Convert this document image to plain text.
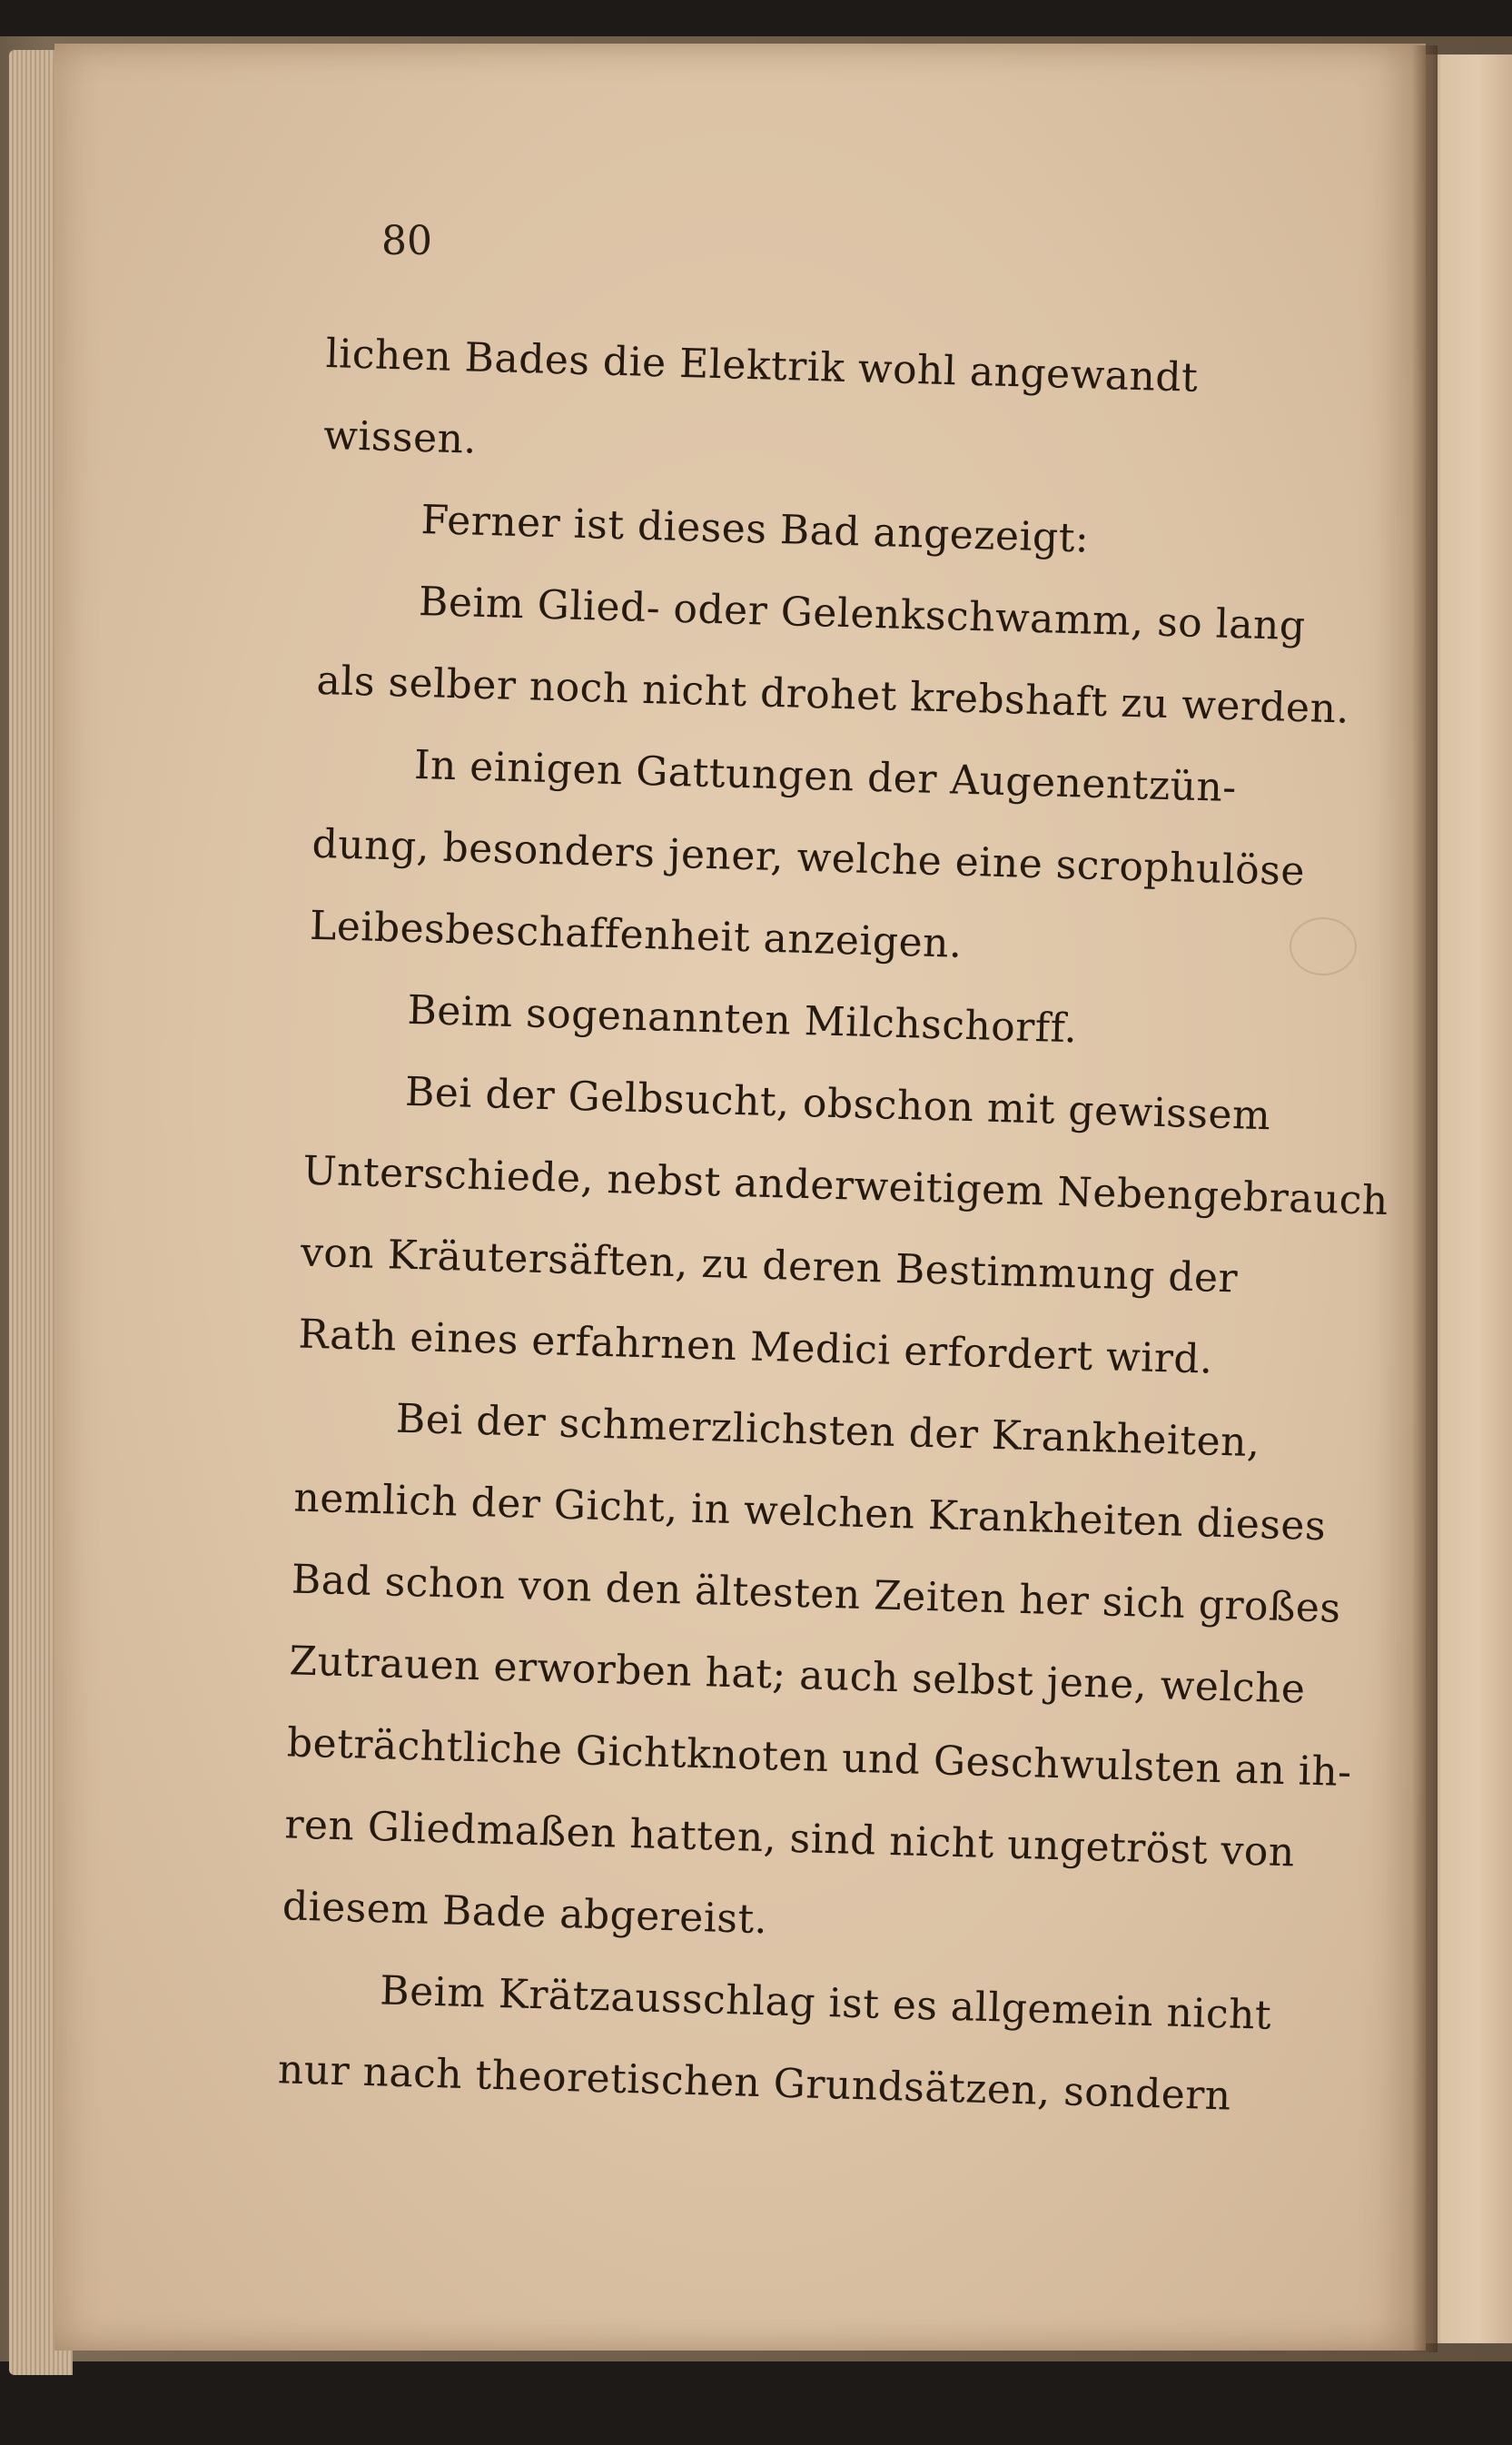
80
lichen Bades die Elektrik wohl angewandt
wissen.
Ferner ist dieses Bad angezeigt:
Beim Glied- oder Gelenkschwamm, so lang
als selber noch nicht drohet krebshaft zu werden.
In einigen Gattungen der Augenentzün-
dung, besonders jener, welche eine scrophulöse
Leibesbeschaffenheit anzeigen.
Beim sogenannten Milchschorff.
Bei der Gelbsucht, obschon mit gewissem
Unterschiede, nebst anderweitigem Nebengebrauch
von Kräutersäften, zu deren Bestimmung der
Rath eines erfahrnen Medici erfordert wird.
Bei der schmerzlichsten der Krankheiten,
nemlich der Gicht, in welchen Krankheiten dieses
Bad schon von den ältesten Zeiten her sich großes
Zutrauen erworben hat; auch selbst jene, welche
beträchtliche Gichtknoten und Geschwulsten an ih-
ren Gliedmaßen hatten, sind nicht ungetröst von
diesem Bade abgereist.
Beim Krätzausschlag ist es allgemein nicht
nur nach theoretischen Grundsätzen, sondern
